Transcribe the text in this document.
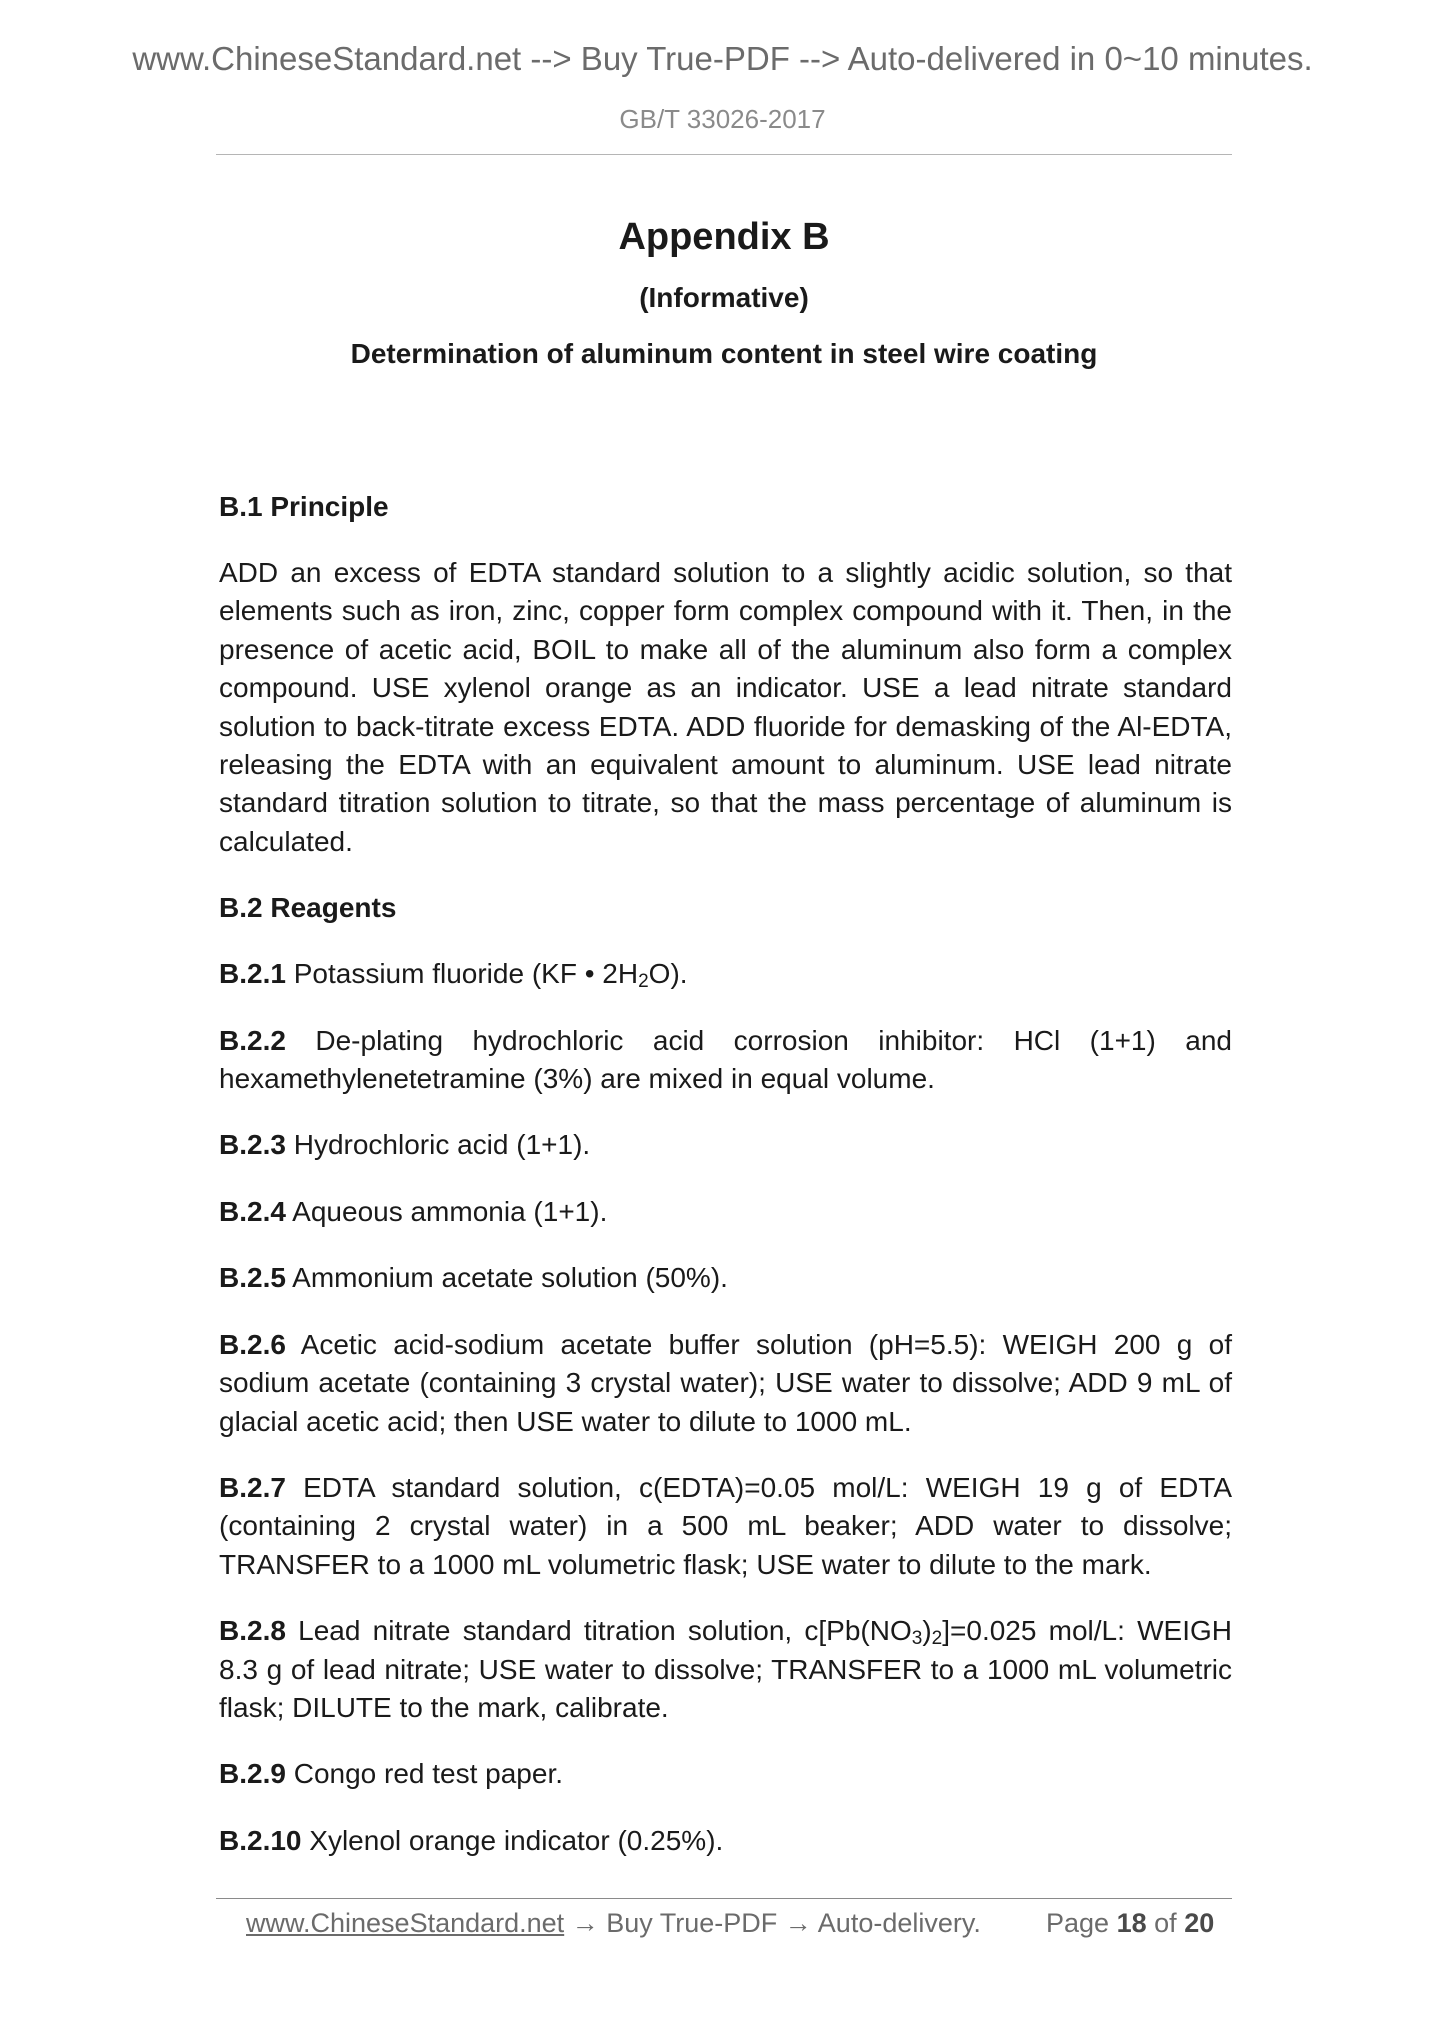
www.ChineseStandard.net --> Buy True-PDF --> Auto-delivered in 0~10 minutes.
GB/T 33026-2017
Appendix B
(Informative)
Determination of aluminum content in steel wire coating
B.1 Principle
ADD an excess of EDTA standard solution to a slightly acidic solution, so that elements such as iron, zinc, copper form complex compound with it. Then, in the presence of acetic acid, BOIL to make all of the aluminum also form a complex compound. USE xylenol orange as an indicator. USE a lead nitrate standard solution to back-titrate excess EDTA. ADD fluoride for demasking of the Al-EDTA, releasing the EDTA with an equivalent amount to aluminum. USE lead nitrate standard titration solution to titrate, so that the mass percentage of aluminum is calculated.
B.2 Reagents
B.2.1 Potassium fluoride (KF • $2H_2O$).
B.2.2 De-plating hydrochloric acid corrosion inhibitor: HCl (1+1) and hexamethylenetetramine (3%) are mixed in equal volume.
B.2.3 Hydrochloric acid (1+1).
B.2.4 Aqueous ammonia (1+1).
B.2.5 Ammonium acetate solution (50%).
B.2.6 Acetic acid-sodium acetate buffer solution (pH=5.5): WEIGH 200 g of sodium acetate (containing 3 crystal water); USE water to dissolve; ADD 9 mL of glacial acetic acid; then USE water to dilute to 1000 mL.
B.2.7 EDTA standard solution, c(EDTA)=0.05 mol/L: WEIGH 19 g of EDTA (containing 2 crystal water) in a 500 mL beaker; ADD water to dissolve; TRANSFER to a 1000 mL volumetric flask; USE water to dilute to the mark.
B.2.8 Lead nitrate standard titration solution, $c[Pb(NO_3)_2]=0.025$ mol/L: WEIGH 8.3 g of lead nitrate; USE water to dissolve; TRANSFER to a 1000 mL volumetric flask; DILUTE to the mark, calibrate.
B.2.9 Congo red test paper.
B.2.10 Xylenol orange indicator (0.25%).
www.ChineseStandard.net → Buy True-PDF → Auto-delivery. Page 18 of 20
